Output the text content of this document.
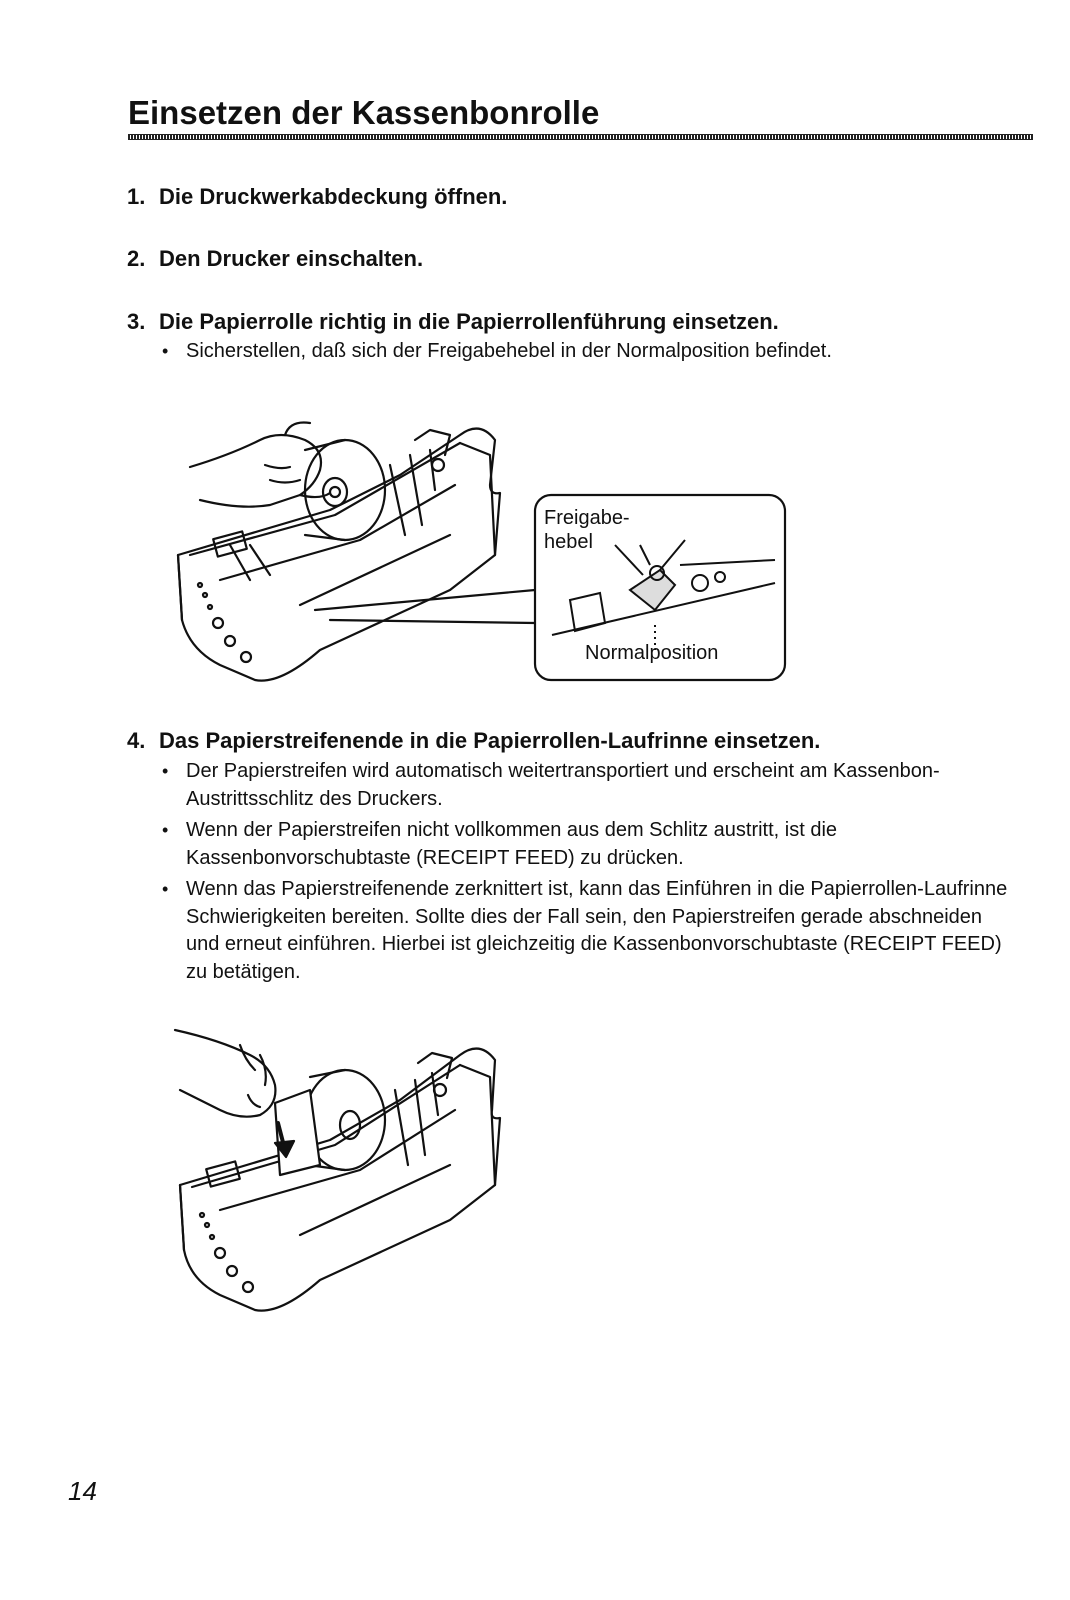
Einsetzen der Kassenbonrolle

1. Die Druckwerkabdeckung öffnen.

2. Den Drucker einschalten.

3. Die Papierrolle richtig in die Papierrollenführung einsetzen.

• Sicherstellen, daß sich der Freigabehebel in der Normalposition befindet.
Freigabe-
hebel
Normalposition

4. Das Papierstreifenende in die Papierrollen-Laufrinne einsetzen.

• Der Papierstreifen wird automatisch weitertransportiert und erscheint am Kassenbon-Austrittsschlitz des Druckers.
• Wenn der Papierstreifen nicht vollkommen aus dem Schlitz austritt, ist die Kassenbonvorschubtaste (RECEIPT FEED) zu drücken.
• Wenn das Papierstreifenende zerknittert ist, kann das Einführen in die Papierrollen-Laufrinne Schwierigkeiten bereiten. Sollte dies der Fall sein, den Papierstreifen gerade abschneiden und erneut einführen. Hierbei ist gleichzeitig die Kassenbonvorschubtaste (RECEIPT FEED) zu betätigen.

14
